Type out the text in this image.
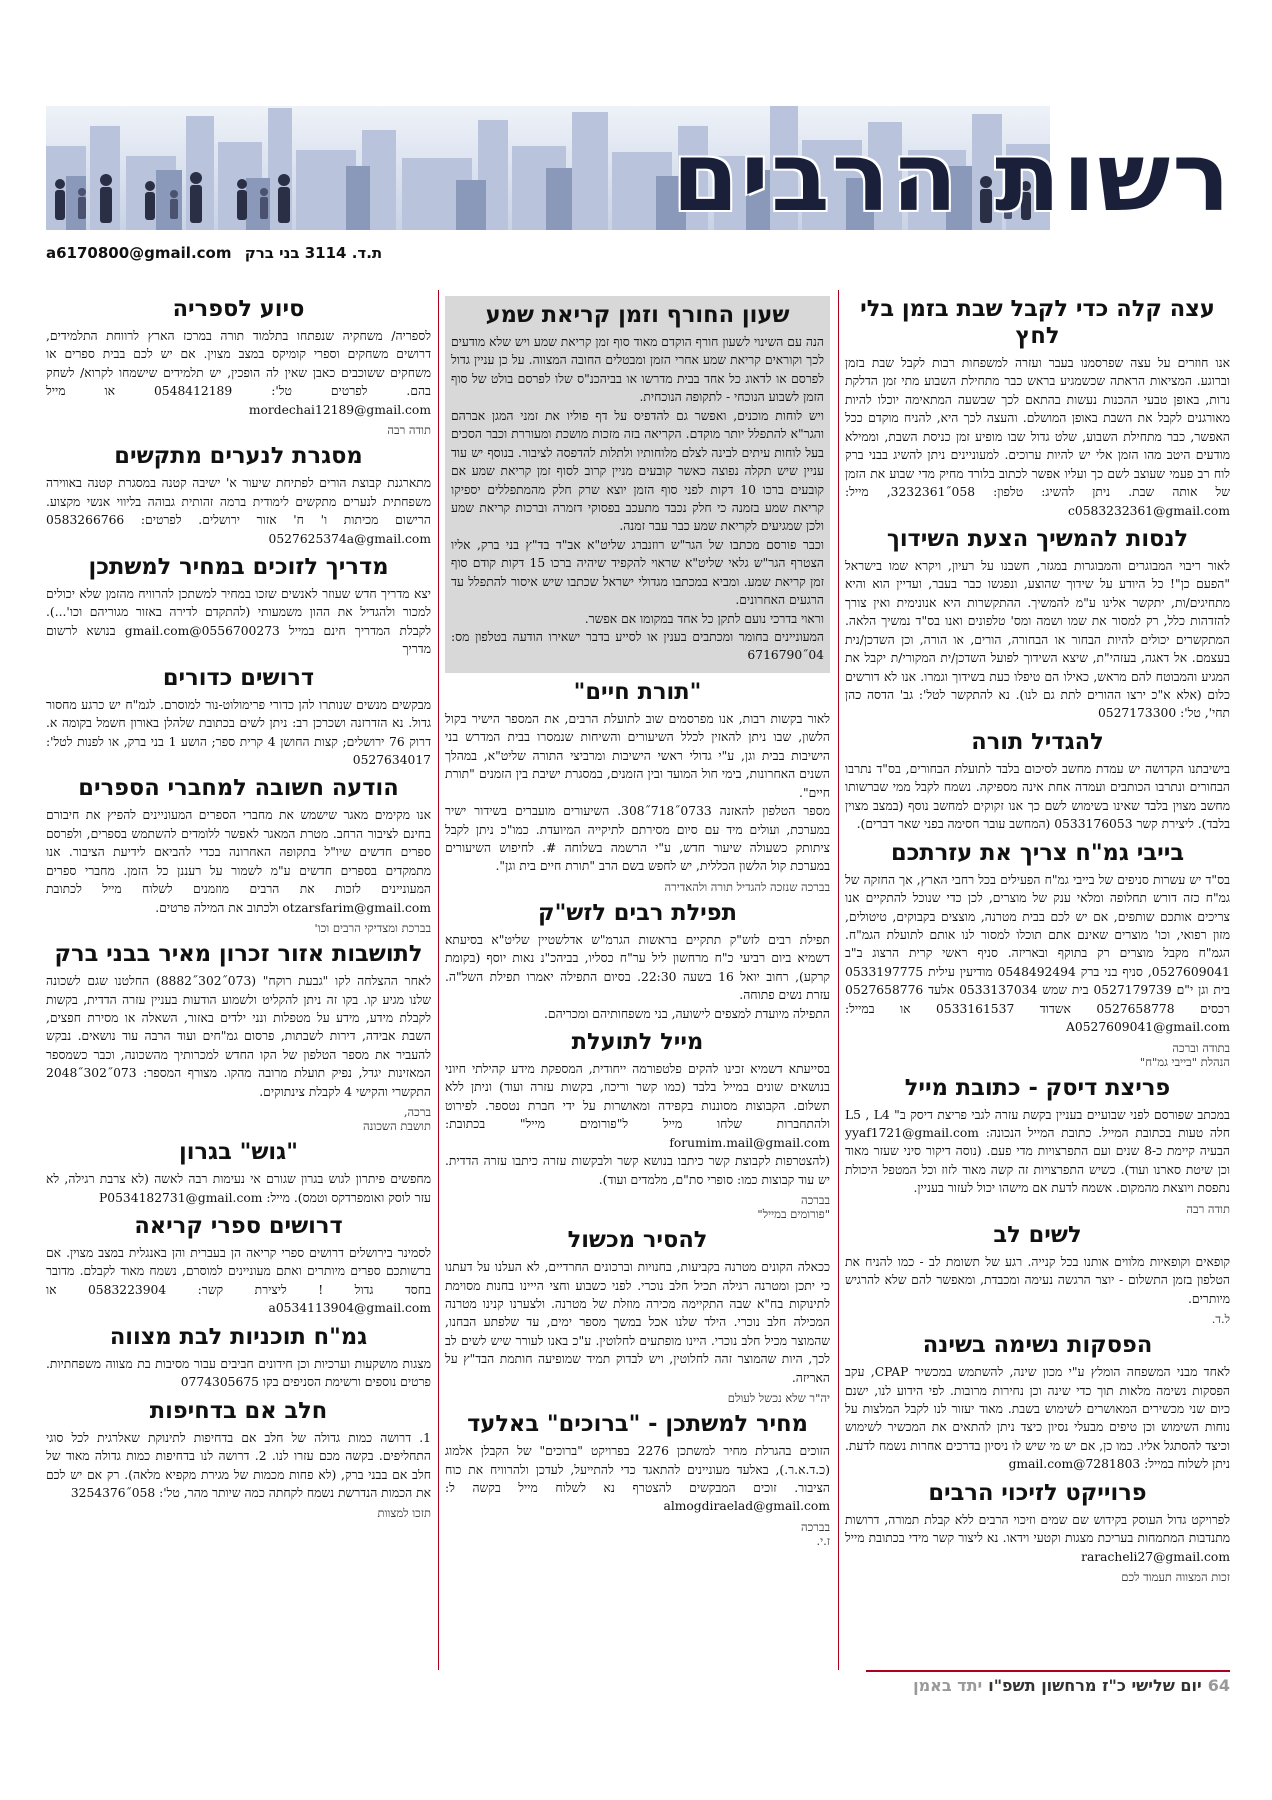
רשות הרבים
a6170800@gmail.com ת.ד. 3114 בני ברק
עצה קלה כדי לקבל שבת בזמן בלי לחץ

אנו חוזרים על עצה שפרסמנו בעבר ועזרה למשפחות רבות לקבל שבת בזמן וברוגע. המציאות הראתה שכשמגיע בראש כבר מתחילת השבוע מתי זמן הדלקת נרות, באופן טבעי ההכנות נעשות בהתאם לכך שבשעה המתאימה יוכלו להיות מאורגנים לקבל את השבת באופן המושלם. והעצה לכך היא, להניח מוקדם ככל האפשר, כבר מתחילת השבוע, שלט גדול שבו מופיע זמן כניסת השבת, וממילא מודעים היטב מהו הזמן אלי יש להיות ערוכים. למעוניינים ניתן להשיג בבני ברק לוח רב פעמי שעוצב לשם כך ועליו אפשר לכתוב בלורד מחיק מדי שבוע את הזמן של אותה שבת. ניתן להשיג: טלפון: 058˝3232361, מייל: c0583232361@gmail.com

לנסות להמשיך הצעת השידוך

לאור ריבוי המבוגרים והמבוגרות במגזר, חשבנו על רעיון, ויקרא שמו בישראל "הפעם כן"! כל היודע על שידוך שהוצע, ונפגשו כבר בעבר, ועדיין הוא והיא מתחיגים/ות, יתקשר אלינו ע"מ להמשיך. ההתקשרות היא אנונימית ואין צורך להזדהות כלל, רק למסור את שמו ושמה ומס' טלפונים ואנו בס"ד נמשיך הלאה. המתקשרים יכולים להיות הבחור או הבחורה, הורים, או הורה, וכן השדכן/נית בעצמם. אל דאגה, בעזהי"ת, שיצא השידוך לפועל השדכן/ית המקורי/ת יקבל את המגיע והמבוטח להם מראש, כאילו הם טיפלו כעת בשידוך וגמרו. אנו לא דורשים כלום (אלא א"כ ירצו ההורים לתת גם לנו). נא להתקשר לטל': גב' הדסה כהן תחי', טל': 0527173300

להגדיל תורה

בישיבתנו הקדושה יש עמדת מחשב לסיכום בלבד לתועלת הבחורים, בס"ד נתרבו הבחורים ונתרבו הכותבים ועמדה אחת אינה מספיקה. נשמח לקבל ממי שברשותו מחשב מצוין בלבד שאינו בשימוש לשם כך אנו זקוקים למחשב נוסף (במצב מצוין בלבד). ליצירת קשר 0533176053 (המחשב עובר חסימה בפני שאר דברים).

בייבי גמ"ח צריך את עזרתכם

בס"ד יש עשרות סניפים של בייבי גמ"ח הפעילים בכל רחבי הארץ, אך החזקה של גמ"ח כזה דורש תחלופה ומלאי ענק של מוצרים, לכן כדי שנוכל להתקיים אנו צריכים אותכם שותפים, אם יש לכם בבית מטרנה, מוצצים בקבוקים, טיטולים, מזון רפואי, וכו' מוצרים שאינם אתם תוכלו למסור לנו אותם לתועלת הגמ"ח. הגמ"ח מקבל מוצרים רק בתוקף ובאריזה. סניף ראשי קרית הרצוג ב"ב 0527609041, סניף בני ברק 0548492494 מודיעין עילית 0533197775 בית וגן י"ם 0527179739 בית שמש 0533137034 אלעד 0527658776 רכסים 0527658778 אשדוד 0533161537 או במייל: A0527609041@gmail.com

בתודה וברכה
הנהלת "בייבי גמ"ח"
פריצת דיסק - כתובת מייל

במכתב שפורסם לפני שבועיים בעניין בקשת עזרה לגבי פריצת דיסק ב" L5 , L4 חלה טעות בכתובת המייל. כתובת המייל הנכונה: yyaf1721@gmail.com הבעיה קיימת כ-8 שנים ועם התפרצויות מדי פעם. (נוסה דיקור סיני שעזר מאוד וכן שיטת סארנו ועוד). כשיש התפרצויות זה קשה מאוד לזוז וכל המטפל היכולת נתפסת ויוצאת מהמקום. אשמח לדעת אם מישהו יכול לעזור בעניין.

תודה רבה
לשים לב

קופאים וקופאיות מלווים אותנו בכל קנייה. רגע של תשומת לב - כמו להניח את הטלפון בזמן התשלום - יוצר הרגשה נעימה ומכבדת, ומאפשר להם שלא להרגיש מיותרים.

ל.ד.
הפסקות נשימה בשינה

לאחד מבני המשפחה הומלץ ע"י מכון שינה, להשתמש במכשיר CPAP, עקב הפסקות נשימה מלאות תוך כדי שינה וכן נחירות מרובות. לפי הידוע לנו, ישנם כיום שני מכשירים המאושרים לשימוש בשבת. מאוד יעזור לנו לקבל המלצות על נוחות השימוש וכן טיפים מבעלי נסיון כיצד ניתן להתאים את המכשיר לשימוש וכיצד להסתגל אליו. כמו כן, אם יש מי שיש לו ניסיון בדרכים אחרות נשמח לדעת. ניתן לשלוח במייל: 7281803@gmail.com

פרוייקט לזיכוי הרבים

לפרויקט גדול העוסק בקידוש שם שמים וזיכוי הרבים ללא קבלת תמורה, דרושות מתנדבות המתמחות בעריכת מצגות וקטעי וידאו. נא ליצור קשר מידי בכתובת מייל raracheli27@gmail.com

זכות המצווה תעמוד לכם
שעון החורף וזמן קריאת שמע

הנה עם השינוי לשעון חורף הוקדם מאוד סוף זמן קריאת שמע ויש שלא מודעים לכך וקוראים קריאת שמע אחרי הזמן ומבטלים החובה המצווה. על כן עניין גדול לפרסם או לדאוג כל אחד בבית מדרשו או בביהכנ"ס שלו לפרסם בולט של סוף הזמן לשבוע הנוכחי - לתקופה הנוכחית.
ויש לוחות מוכנים, ואפשר גם להדפיס על דף פוליו את זמני המגן אברהם והגר"א להתפלל יותר מוקדם. הקריאה בזה מזכות מושכת ומעוררת וכבר הסכים בעל לוחות עיתים לבינה לצלם מלוחותיו ולתלות להדפסה לציבור. בנוסף יש עוד עניין שיש תקלה נפוצה כאשר קובעים מניין קרוב לסוף זמן קריאת שמע אם קובעים ברכו 10 דקות לפני סוף הזמן יוצא שרק חלק מהמתפללים יספיקו קריאת שמע בזמנה כי חלק נכבד מתעכב בפסוקי דזמרה וברכות קריאת שמע ולכן שמגיעים לקריאת שמע כבר עבר זמנה.
וכבר פורסם מכתבו של הגר"ש רוזנברג שליט"א אב"ד בד"ץ בני ברק, אליו הצטרף הגר"ש גלאי שליט"א שראוי להקפיד שיהיה ברכו 15 דקות קודם סוף זמן קריאת שמע. ומביא במכתבו מגדולי ישראל שכתבו שיש איסור להתפלל עד הרגעים האחרונים.
וראוי בדרכי נועם לתקן כל אחד במקומו אם אפשר.
המעוניינים בחומר ומכתבים בענין או לסייע בדבר ישאירו הודעה בטלפון מס: 04˝6716790

"תורת חיים"

לאור בקשות רבות, אנו מפרסמים שוב לתועלת הרבים, את המספר הישיר בקול הלשון, שבו ניתן להאזין לכלל השיעורים והשיחות שנמסרו בבית המדרש בני הישיבות בבית וגן, ע"י גדולי ראשי הישיבות ומרביצי התורה שליט"א, במהלך השנים האחרונות, בימי חול המועד ובין הזמנים, במסגרת ישיבת בין הזמנים "תורת חיים".
מספר הטלפון להאזנה 0733˝718˝308. השיעורים מועברים בשידור ישיר במערכת, ועולים מיד עם סיום מסירתם לתיקייה המיועדת. כמו"כ ניתן לקבל ציתותק כשעולה שיעור חדש, ע"י הרשמה בשלוחה #. לחיפוש השיעורים במערכת קול הלשון הכללית, יש לחפש בשם הרב "תורת חיים בית וגן".

בברכה שנזכה להגדיל תורה ולהאדירה
תפילת רבים לזש"ק

תפילת רבים לזש"ק תתקיים בראשות הגרמ"ש אדלשטיין שליט"א בסיעתא דשמיא ביום רביעי כ"ח מרחשון ליל ער"ח כסליו, בביהכ"נ נאות יוסף (בקומת קרקע), רחוב יואל 16 בשעה 22:30. בסיום התפילה יאמרו תפילת השל"ה. עזרת נשים פתוחה.
התפילה מיועדת למצפים לישועה, בני משפחותיהם ומכריהם.

מייל לתועלת

בסייעתא דשמיא זכינו להקים פלטפורמה ייחודית, המספקת מידע קהילתי חיוני בנושאים שונים במייל בלבד (כמו קשר וריכוז, בקשות עזרה ועוד) וניתן ללא תשלום. הקבוצות מסוננות בקפידה ומאושרות על ידי חברת נטספר. לפירוט ולהתחברות שלחו מייל ל"פורומים מייל" בכתובת: forumim.mail@gmail.com
(להצטרפות לקבוצת קשר כיתבו בנושא קשר ולבקשות עזרה כיתבו עזרה הדדית. יש עוד קבוצות כמו: סופרי סת"ם, מלמדים ועוד).

בברכה
"פורומים במייל"
להסיר מכשול

ככאלה הקונים מטרנה בקביעות, בחנויות וברכונים החרדיים, לא העלנו על דעתנו כי יתכן ומטרנה רגילה תכיל חלב נוכרי. לפני כשבוע וחצי הייינו בחנות מסוימת לתינוקות בח"א שבה התקיימה מכירה מוזלת של מטרנה. ולצערנו קנינו מטרנה המכילה חלב נוכרי. הילד שלנו אכל במשך מספר ימים, עד שלפתע הבחנו, שהמוצר מכיל חלב נוכרי. היינו מופתעים לחלוטין. ע"כ באנו לעורר שיש לשים לב לכך, היות שהמוצר זהה לחלוטין, ויש לבדוק תמיד שמופיעה חותמת הבד"ץ על האריזה.

יה"ר שלא נכשל לעולם
מחיר למשתכן - "ברוכים" באלעד

הזוכים בהגרלת מחיר למשתכן 2276 בפרויקט "ברוכים" של הקבלן אלמוג (כ.ד.א.ר.), באלעד מעוניינים להתאגד כדי להתייעל, לעדכן ולהרוויח את כוח הציבור. זוכים המבקשים להצטרף נא לשלוח מייל בקשה ל: almogdiraelad@gmail.com

בברכה
ז.י.
סיוע לספריה

לספריה/ משחקיה שנפתחו בתלמוד תורה במרכז הארץ לרווחת התלמידים, דרושים משחקים וספרי קומיקס במצב מצוין. אם יש לכם בבית ספרים או משחקים ששוכבים כאבן שאין לה הופכין, יש תלמידים שישמחו לקרוא/ לשחק בהם. לפרטים טל': 0548412189 או מייל mordechai12189@gmail.com

תודה רבה
מסגרת לנערים מתקשים

מתארגנת קבוצת הורים לפתיחת שיעור א' ישיבה קטנה במסגרת קטנה באווירה משפחתית לנערים מתקשים לימודית ברמה זהותית גבוהה בליווי אנשי מקצוע. הרישום מכיתות ו' ח' אזור ירושלים. לפרטים: 0583266766 0527625374a@gmail.com

מדריך לזוכים במחיר למשתכן

יצא מדריך חדש שעוזר לאנשים שזכו במחיר למשתכן להרוויח מהזמן שלא יכולים למכור ולהגדיל את ההון משמעותי (להתקדם לדירה באזור מגוריהם וכו'...). לקבלת המדריך חינם במייל 0556700273@gmail.com בנושא לרשום מדריך

דרושים כדורים

מבקשים מנשים שנותרו להן כדורי פרימולוט-נור למוסרם. לגמ"ח יש כרגע מחסור גדול. נא הזדרזנה ושכרכן רב: ניתן לשים בכתובת שלהלן באורון חשמל בקומה א. דרוק 76 ירושלים; קצות החושן 4 קרית ספר; הושע 1 בני ברק, או לפנות לטל': 0527634017

הודעה חשובה למחברי הספרים

אנו מקימים מאגר שישמש את מחברי הספרים המעוניינים להפיץ את חיבורם בחינם לציבור הרחב. מטרת המאגר לאפשר ללומדים להשתמש בספרים, ולפרסם ספרים חדשים שיו"ל בתקופה האחרונה בכדי להביאם לידיעת הציבור. אנו מתמקדים בספרים חדשים ע"מ לשמור על רעננן כל הזמן. מחברי ספרים המעוניינים לזכות את הרבים מוזמנים לשלוח מייל לכתובת otzarsfarim@gmail.com ולכתוב את המילה פרטים.

בברכת ומצדיקי הרבים וכו'
לתושבות אזור זכרון מאיר בבני ברק

לאחר ההצלחה לקו "גבעת רוקח" (073˝302˝8882) החלטנו שגם לשכונה שלנו מגיע קו. בקו זה ניתן להקליט ולשמוע הודעות בעניין עזרה הדדית, בקשות לקבלת מידע, מידע על מטפלות ונני ילדים באזור, השאלה או מסירת חפצים, השבת אבידה, דירות לשבתות, פרסום גמ"חים ועוד הרבה עוד נושאים. נבקש להעביר את מספר הטלפון של הקו החדש למכרותיך מהשכונה, וכבר כשמספר המאזינות יגדל, נפיק תועלת מרובה מהקו. מצורף המספר: 073˝302˝2048 התקשרי והקישי 4 לקבלת צינתוקים.

ברכה,
תושבת השכונה
"גוש" בגרון

מחפשים פיתרון לגוש בגרון שגורם אי נעימות רבה לאשה (לא צרבת רגילה, לא עזר לוסק ואומפרדקס וטמס). מייל: P0534182731@gmail.com

דרושים ספרי קריאה

לסמינר בירושלים דרושים ספרי קריאה הן בעברית והן באנגלית במצב מצוין. אם ברשותכם ספרים מיותרים ואתם מעוניינים למוסרם, נשמח מאוד לקבלם. מדובר בחסד גדול ! ליצירת קשר: 0583223904 או a0534113904@gmail.com

גמ"ח תוכניות לבת מצווה

מצגות מושקעות וערכיות וכן חידונים חביבים עבור מסיבות בת מצווה משפחתיות. פרטים נוספים ורשימת הסניפים בקו 0774305675

חלב אם בדחיפות

1. דרושה כמות גדולה של חלב אם בדחיפות לתינוקת שאלרגית לכל סוגי התחליפים. בקשה מכם עזרו לנו. 2. דרושה לנו בדחיפות כמות גדולה מאוד של חלב אם בבני ברק, (לא פחות מכמות של מגירת מקפיא מלאה). רק אם יש לכם את הכמות הנדרשת נשמח לקחתה כמה שיותר מהר, טל': 058˝3254376

תזכו למצוות
64
יום שלישי כ"ז מרחשון תשפ"ו
יתד באמן
